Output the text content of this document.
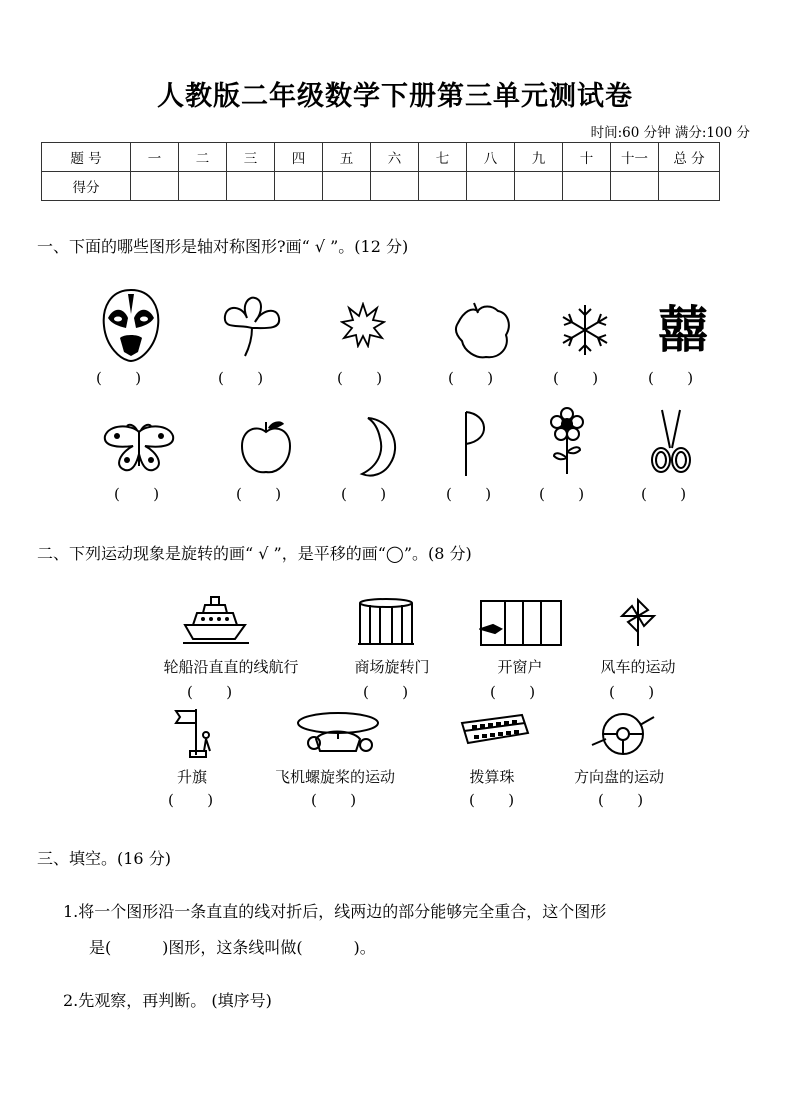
人教版二年级数学下册第三单元测试卷
时间:60 分钟 满分:100 分
题 号	一	二	三	四	五	六	七	八	九	十	十一	总 分
得分												
一、下面的哪些图形是轴对称图形?画“ √ ”。(12 分)
囍
(       )	(       )	(       )	(       )	(       )	(       )
(       )	(       )	(       )	(       )	(       )	(       )
二、下列运动现象是旋转的画“ √ ”，是平移的画“◯”。(8 分)
轮船沿直直的线航行	商场旋转门	开窗户	风车的运动
(       )	(       )	(       )	(       )
升旗	飞机螺旋桨的运动	拨算珠	方向盘的运动
(       )	(       )	(       )	(       )
三、填空。(16 分)
1.将一个图形沿一条直直的线对折后，线两边的部分能够完全重合，这个图形
是(          )图形，这条线叫做(          )。
2.先观察，再判断。 (填序号)
